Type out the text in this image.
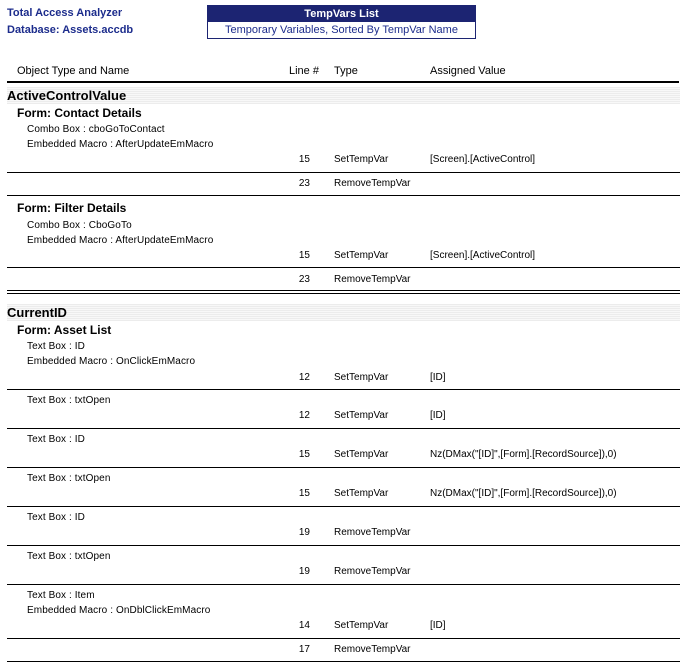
Total Access Analyzer
Database: Assets.accdb
TempVars List
Temporary Variables, Sorted By TempVar Name
Object Type and Name	Line # Type	Assigned Value
ActiveControlValue
Form: Contact Details
Combo Box : cboGoToContact
Embedded Macro : AfterUpdateEmMacro
15 SetTempVar	[Screen].[ActiveControl]
23 RemoveTempVar
Form: Filter Details
Combo Box : CboGoTo
Embedded Macro : AfterUpdateEmMacro
15 SetTempVar	[Screen].[ActiveControl]
23 RemoveTempVar
CurrentID
Form: Asset List
Text Box : ID
Embedded Macro : OnClickEmMacro
12 SetTempVar	[ID]
Text Box : txtOpen
12 SetTempVar	[ID]
Text Box : ID
15 SetTempVar	Nz(DMax("[ID]",[Form].[RecordSource]),0)
Text Box : txtOpen
15 SetTempVar	Nz(DMax("[ID]",[Form].[RecordSource]),0)
Text Box : ID
19 RemoveTempVar
Text Box : txtOpen
19 RemoveTempVar
Text Box : Item
Embedded Macro : OnDblClickEmMacro
14 SetTempVar	[ID]
17 RemoveTempVar
